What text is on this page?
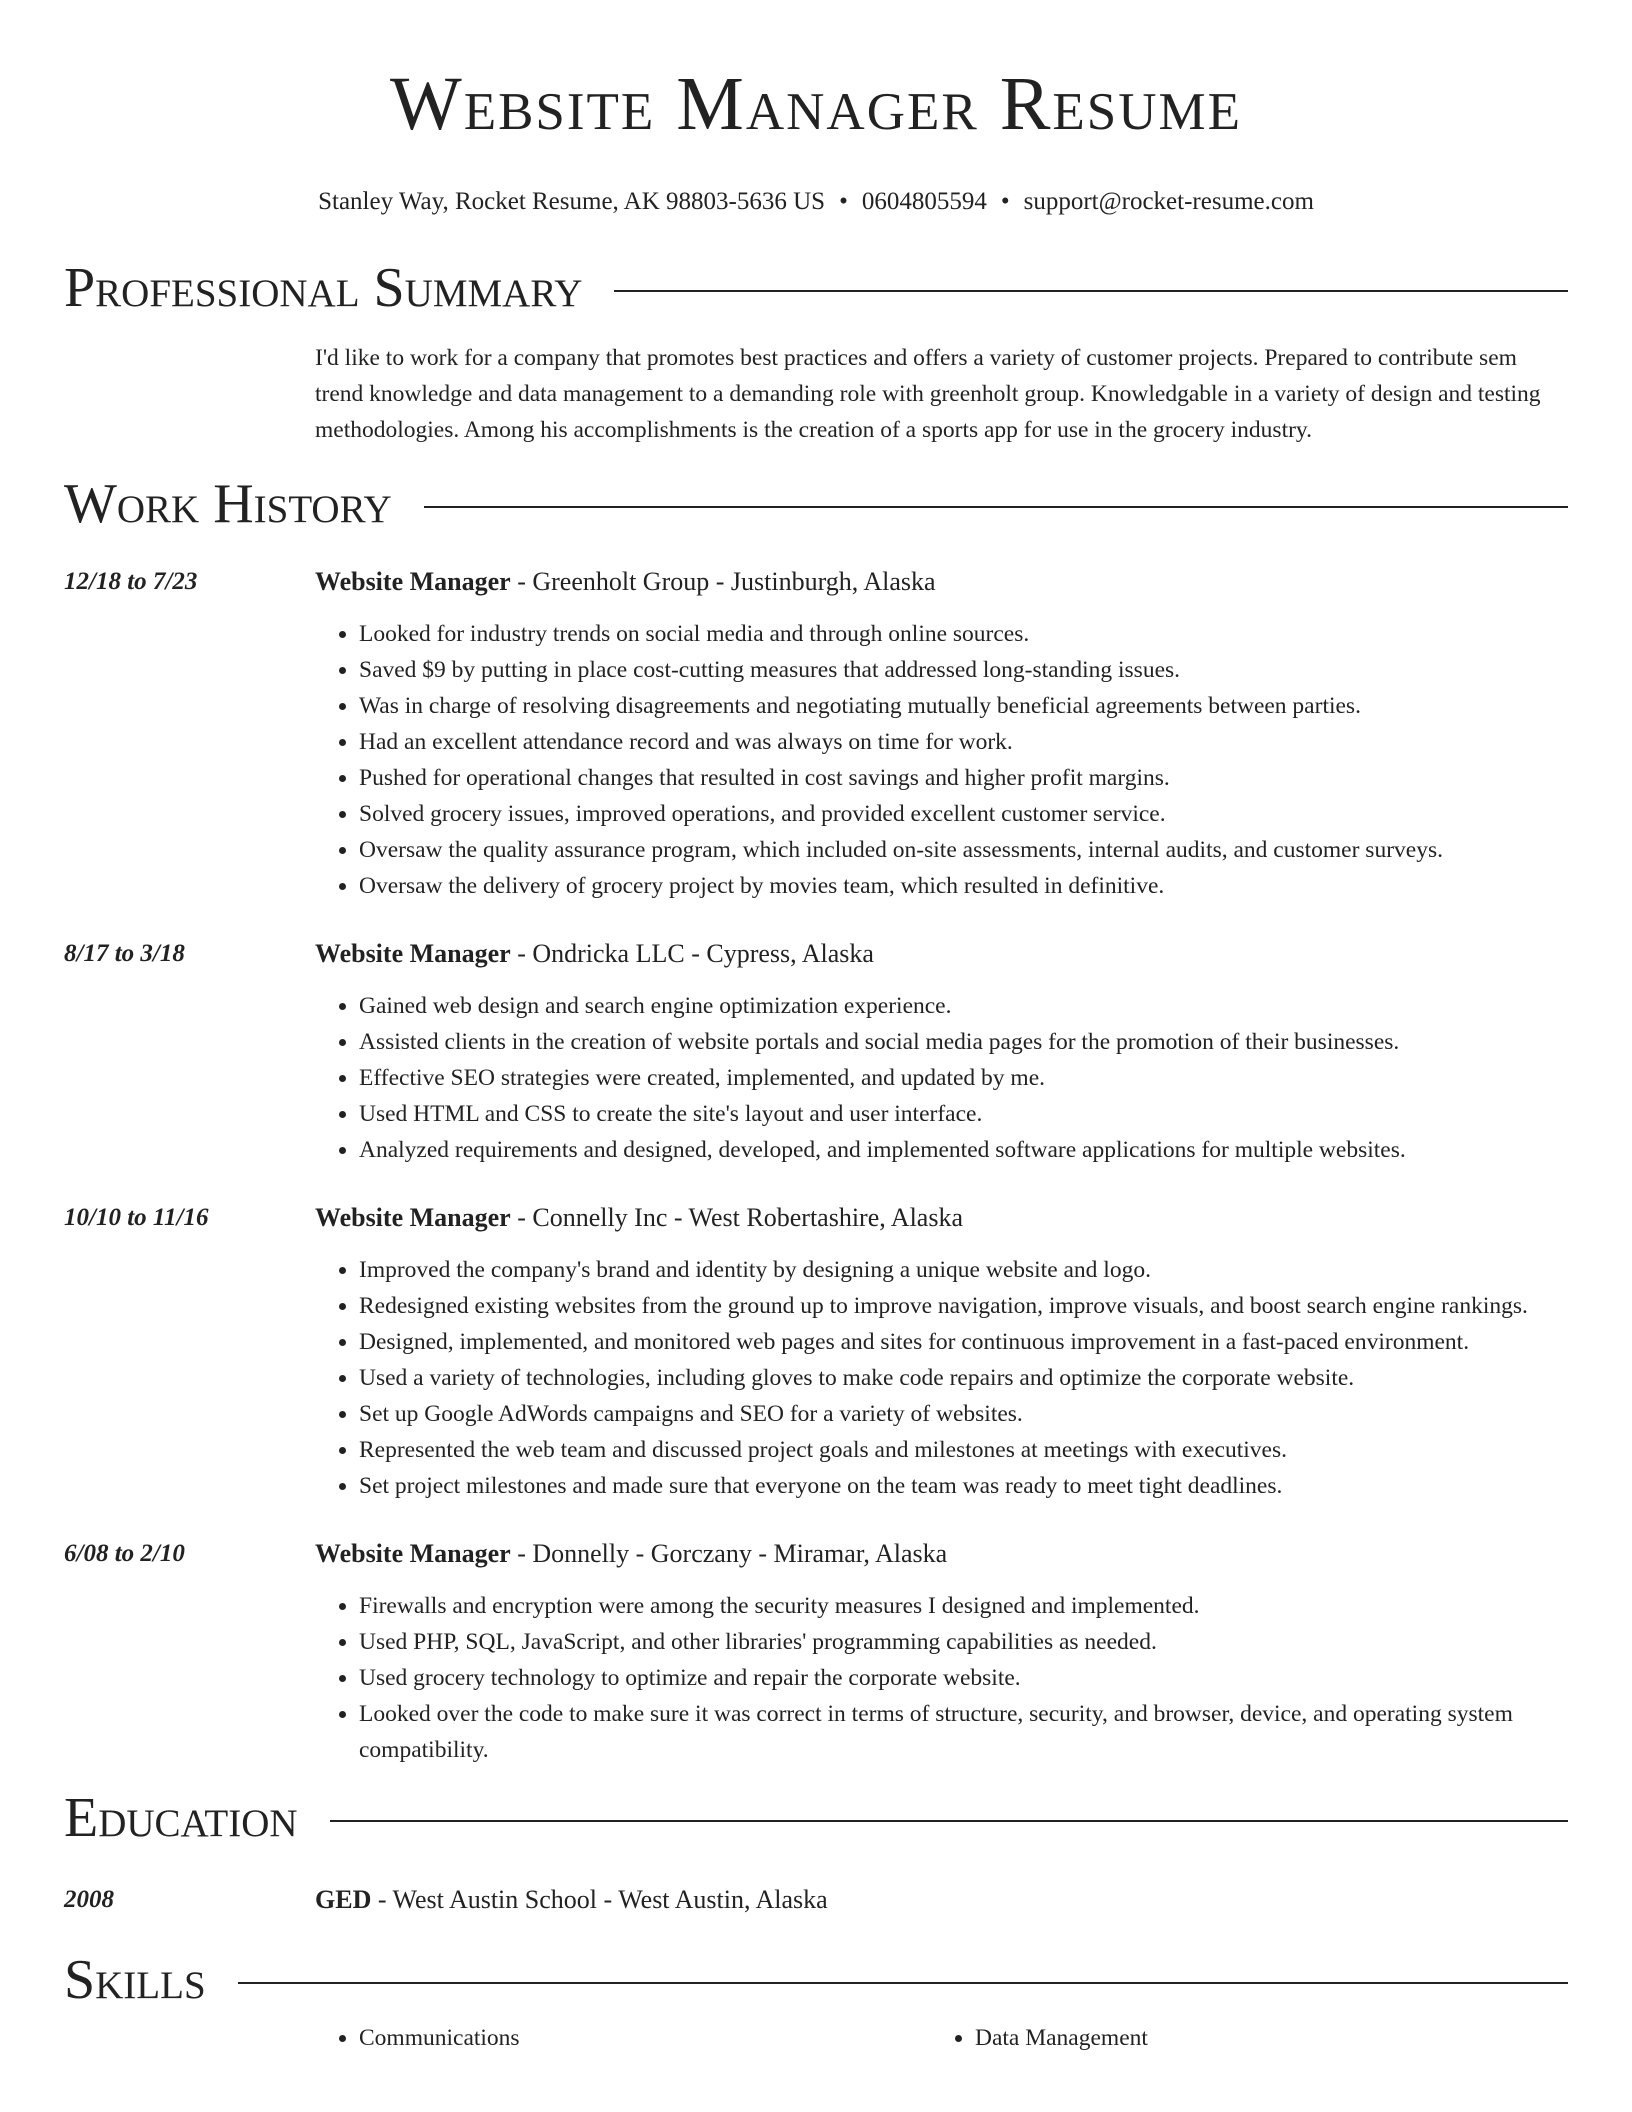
Website Manager Resume
Stanley Way, Rocket Resume, AK 98803-5636 US • 0604805594 • support@rocket-resume.com
Professional Summary
I'd like to work for a company that promotes best practices and offers a variety of customer projects. Prepared to contribute sem trend knowledge and data management to a demanding role with greenholt group. Knowledgable in a variety of design and testing methodologies. Among his accomplishments is the creation of a sports app for use in the grocery industry.
Work History
12/18 to 7/23	Website Manager - Greenholt Group - Justinburgh, Alaska
• Looked for industry trends on social media and through online sources.
• Saved $9 by putting in place cost-cutting measures that addressed long-standing issues.
• Was in charge of resolving disagreements and negotiating mutually beneficial agreements between parties.
• Had an excellent attendance record and was always on time for work.
• Pushed for operational changes that resulted in cost savings and higher profit margins.
• Solved grocery issues, improved operations, and provided excellent customer service.
• Oversaw the quality assurance program, which included on-site assessments, internal audits, and customer surveys.
• Oversaw the delivery of grocery project by movies team, which resulted in definitive.
8/17 to 3/18	Website Manager - Ondricka LLC - Cypress, Alaska
• Gained web design and search engine optimization experience.
• Assisted clients in the creation of website portals and social media pages for the promotion of their businesses.
• Effective SEO strategies were created, implemented, and updated by me.
• Used HTML and CSS to create the site's layout and user interface.
• Analyzed requirements and designed, developed, and implemented software applications for multiple websites.
10/10 to 11/16	Website Manager - Connelly Inc - West Robertashire, Alaska
• Improved the company's brand and identity by designing a unique website and logo.
• Redesigned existing websites from the ground up to improve navigation, improve visuals, and boost search engine rankings.
• Designed, implemented, and monitored web pages and sites for continuous improvement in a fast-paced environment.
• Used a variety of technologies, including gloves to make code repairs and optimize the corporate website.
• Set up Google AdWords campaigns and SEO for a variety of websites.
• Represented the web team and discussed project goals and milestones at meetings with executives.
• Set project milestones and made sure that everyone on the team was ready to meet tight deadlines.
6/08 to 2/10	Website Manager - Donnelly - Gorczany - Miramar, Alaska
• Firewalls and encryption were among the security measures I designed and implemented.
• Used PHP, SQL, JavaScript, and other libraries' programming capabilities as needed.
• Used grocery technology to optimize and repair the corporate website.
• Looked over the code to make sure it was correct in terms of structure, security, and browser, device, and operating system compatibility.
Education
2008	GED - West Austin School - West Austin, Alaska
Skills
• Communications
•	Data Management
